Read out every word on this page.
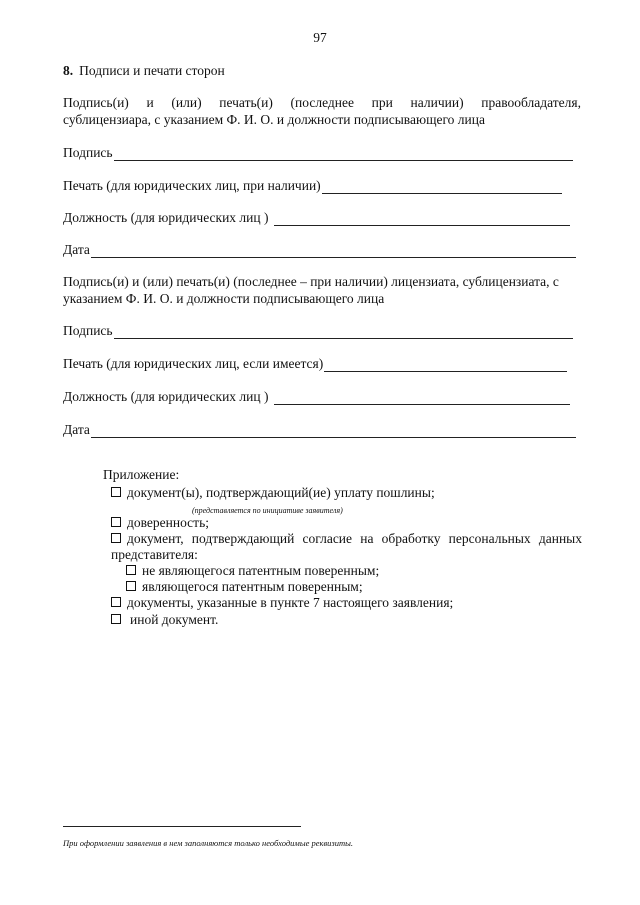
97
8. Подписи и печати сторон
Подпись(и) и (или) печать(и) (последнее при наличии) правообладателя,
сублицензиара, с указанием Ф. И. О. и должности подписывающего лица
Подпись
Печать (для юридических лиц, при наличии)
Должность (для юридических лиц )
Дата
Подпись(и) и (или) печать(и) (последнее – при наличии) лицензиата, сублицензиата, с
указанием Ф. И. О. и должности подписывающего лица
Подпись
Печать (для юридических лиц, если имеется)
Должность (для юридических лиц )
Дата
Приложение:
документ(ы), подтверждающий(ие) уплату пошлины;
(представляется по инициативе заявителя)
доверенность;
документ, подтверждающий согласие на обработку персональных данных
представителя:
не являющегося патентным поверенным;
являющегося патентным поверенным;
документы, указанные в пункте 7 настоящего заявления;
иной документ.
При оформлении заявления в нем заполняются только необходимые реквизиты.
